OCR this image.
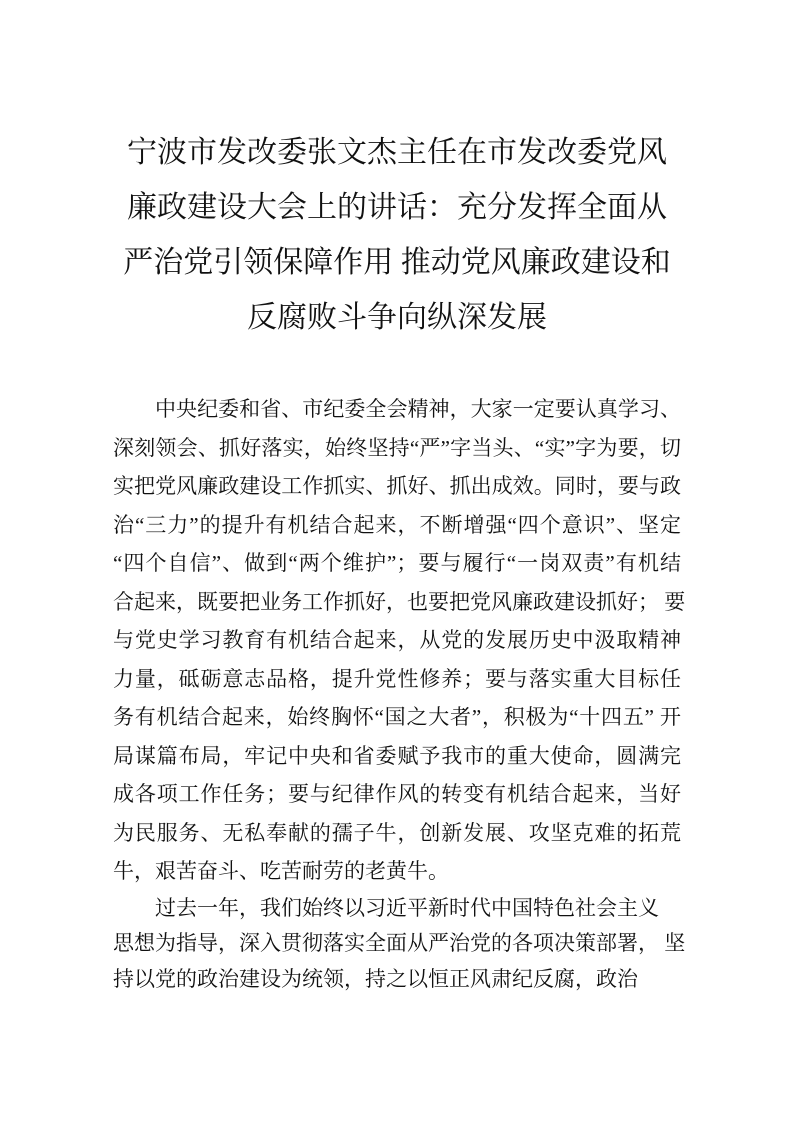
宁波市发改委张文杰主任在市发改委党风
廉政建设大会上的讲话：充分发挥全面从
严治党引领保障作用 推动党风廉政建设和
反腐败斗争向纵深发展
中央纪委和省、市纪委全会精神，大家一定要认真学习、
深刻领会、抓好落实，始终坚持“严”字当头、“实”字为要，切
实把党风廉政建设工作抓实、抓好、抓出成效。同时，要与政
治“三力”的提升有机结合起来，不断增强“四个意识”、坚定
“四个自信”、做到“两个维护”；要与履行“一岗双责”有机结
合起来，既要把业务工作抓好，也要把党风廉政建设抓好； 要
与党史学习教育有机结合起来，从党的发展历史中汲取精神
力量，砥砺意志品格，提升党性修养；要与落实重大目标任
务有机结合起来，始终胸怀“国之大者”，积极为“十四五” 开
局谋篇布局，牢记中央和省委赋予我市的重大使命，圆满完
成各项工作任务；要与纪律作风的转变有机结合起来，当好
为民服务、无私奉献的孺子牛，创新发展、攻坚克难的拓荒
牛，艰苦奋斗、吃苦耐劳的老黄牛。
过去一年，我们始终以习近平新时代中国特色社会主义
思想为指导，深入贯彻落实全面从严治党的各项决策部署， 坚
持以党的政治建设为统领，持之以恒正风肃纪反腐，政治
